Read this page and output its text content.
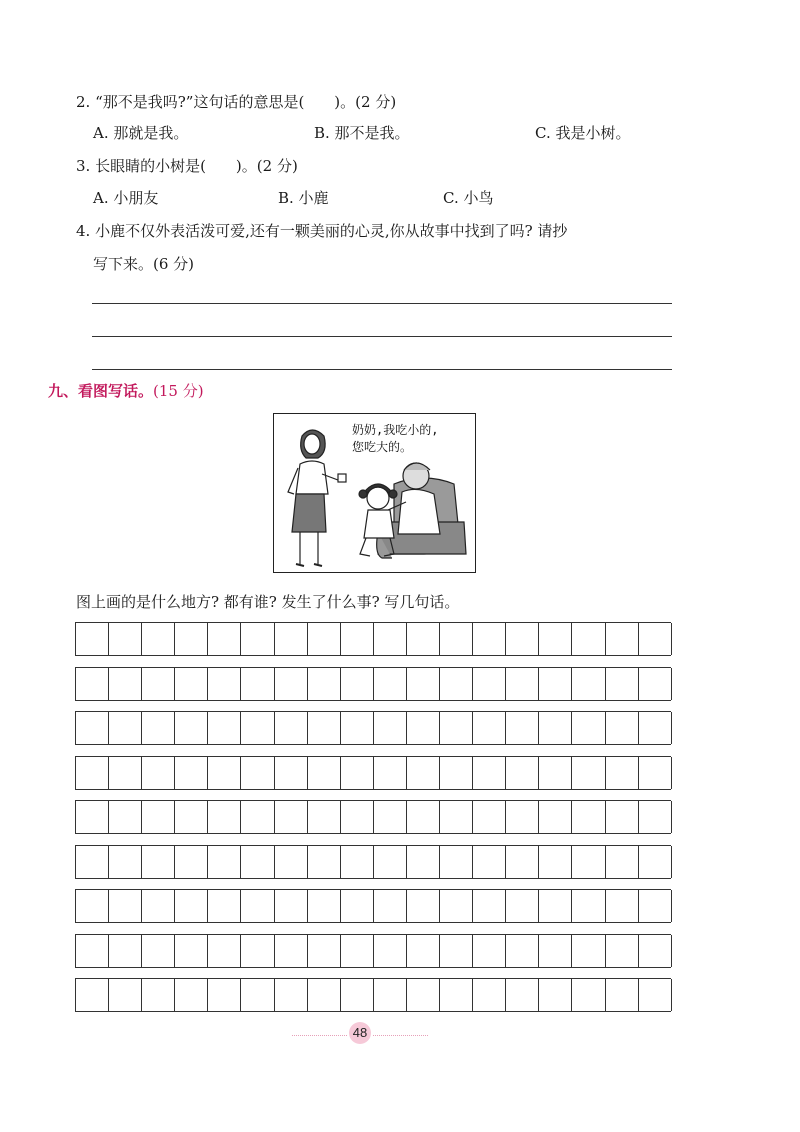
2. “那不是我吗?”这句话的意思是(　　)。(2 分)
A. 那就是我。	B. 那不是我。	C. 我是小树。
3. 长眼睛的小树是(　　)。(2 分)
A. 小朋友	B. 小鹿	C. 小鸟
4. 小鹿不仅外表活泼可爱,还有一颗美丽的心灵,你从故事中找到了吗? 请抄
写下来。(6 分)
九、看图写话。(15 分)
奶奶,我吃小的,
您吃大的。
图上画的是什么地方? 都有谁? 发生了什么事? 写几句话。
48
